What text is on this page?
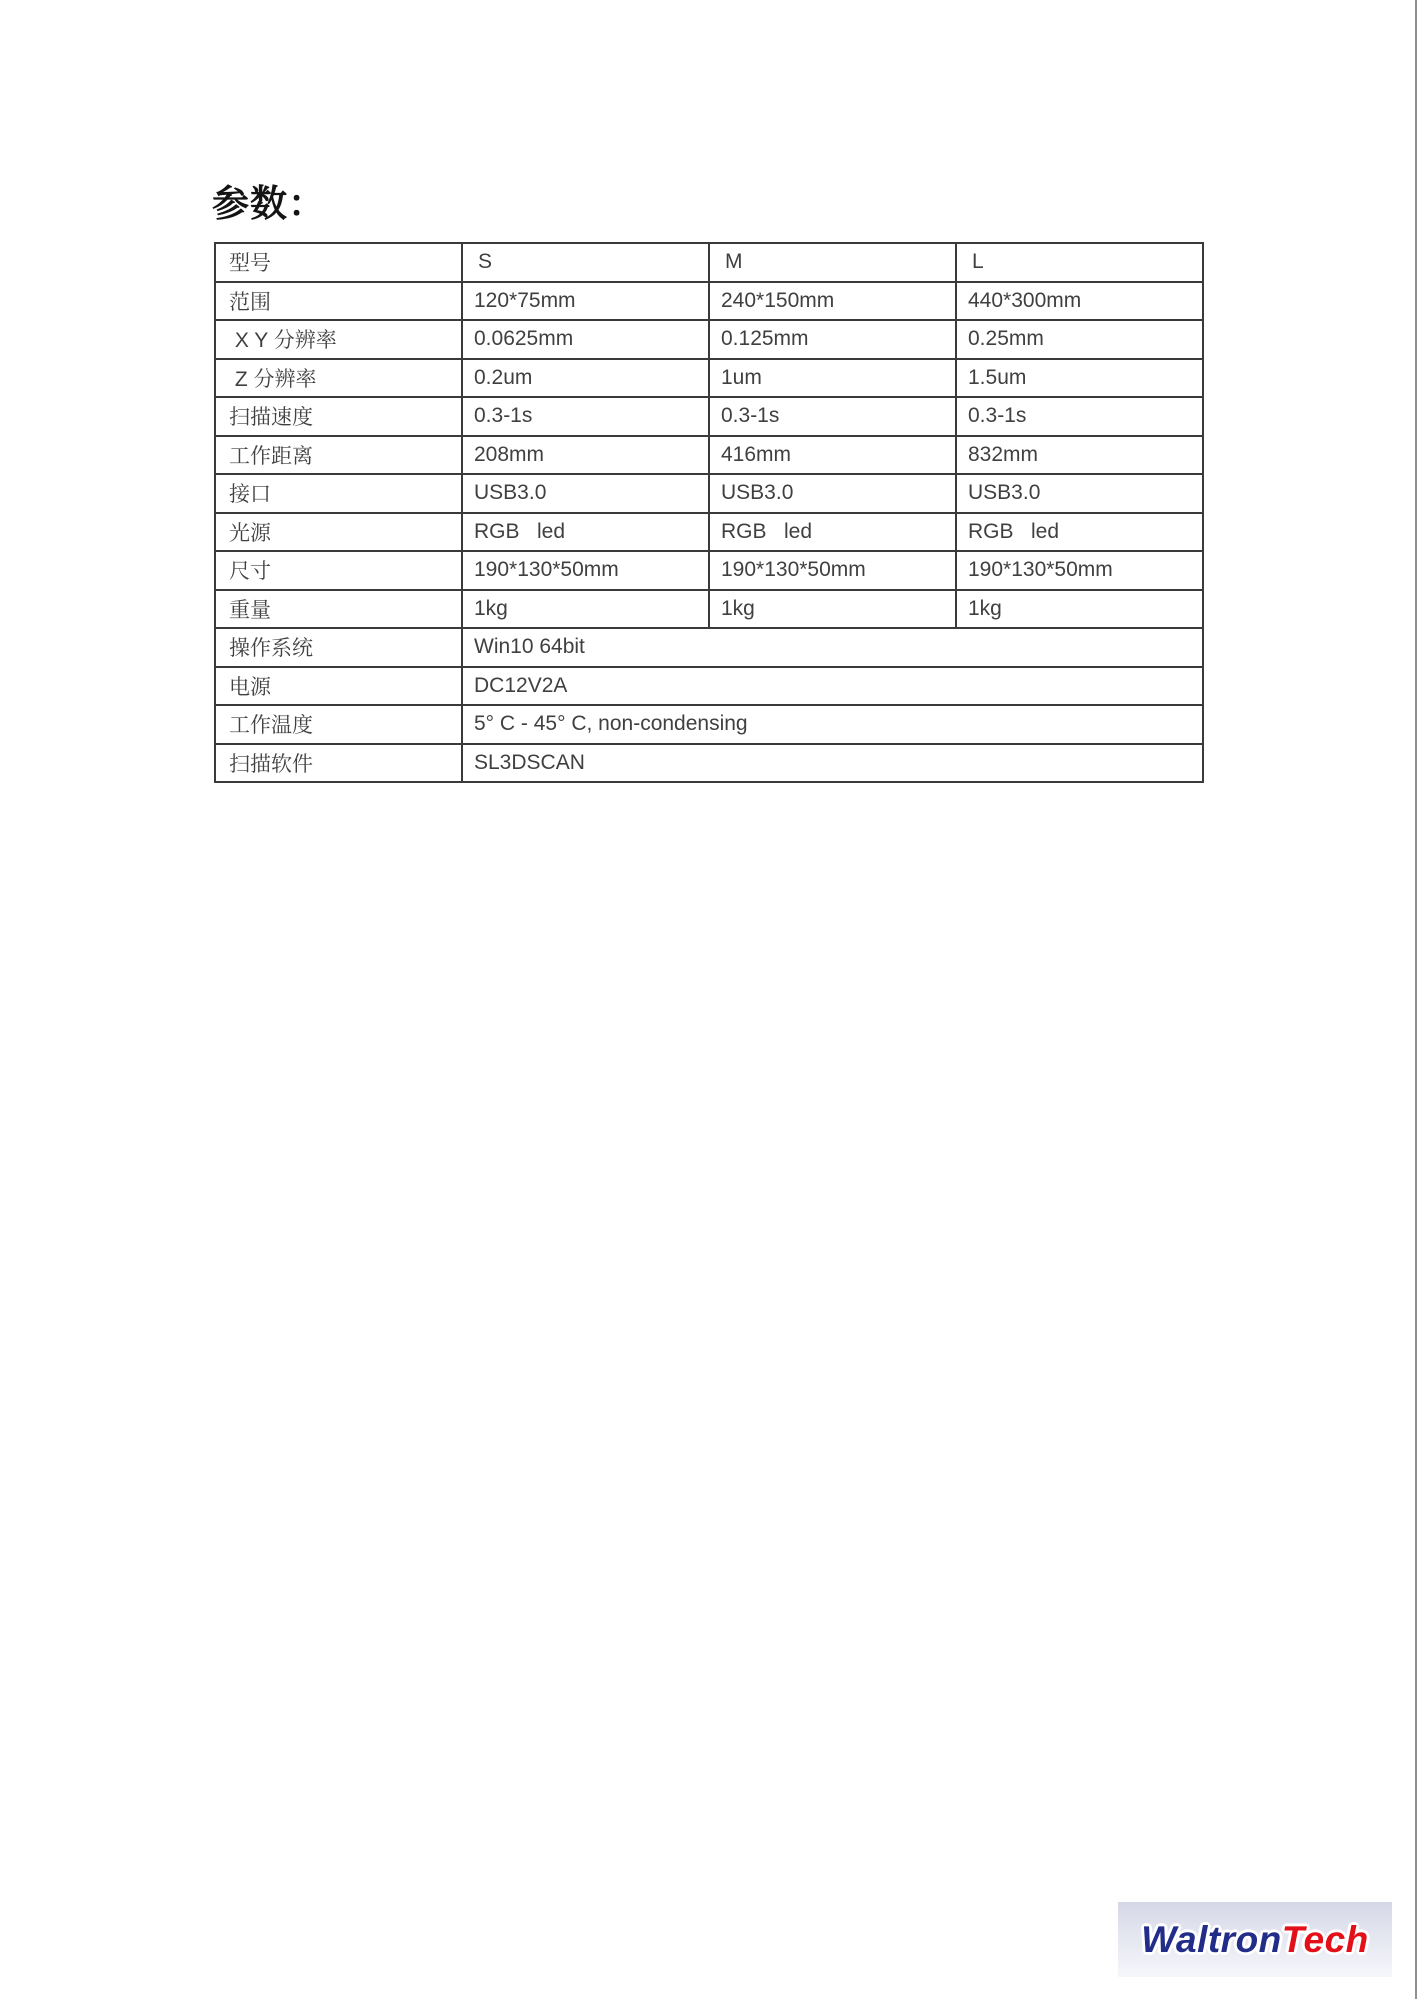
参数：
型号	S	M	L
范围	120*75mm	240*150mm	440*300mm
X Y 分辨率	0.0625mm	0.125mm	0.25mm
Z 分辨率	0.2um	1um	1.5um
扫描速度	0.3-1s	0.3-1s	0.3-1s
工作距离	208mm	416mm	832mm
接口	USB3.0	USB3.0	USB3.0
光源	RGB   led	RGB   led	RGB   led
尺寸	190*130*50mm	190*130*50mm	190*130*50mm
重量	1kg	1kg	1kg
操作系统	Win10 64bit		
电源	DC12V2A		
工作温度	5° C - 45° C, non-condensing		
扫描软件	SL3DSCAN		
WaltronTech
